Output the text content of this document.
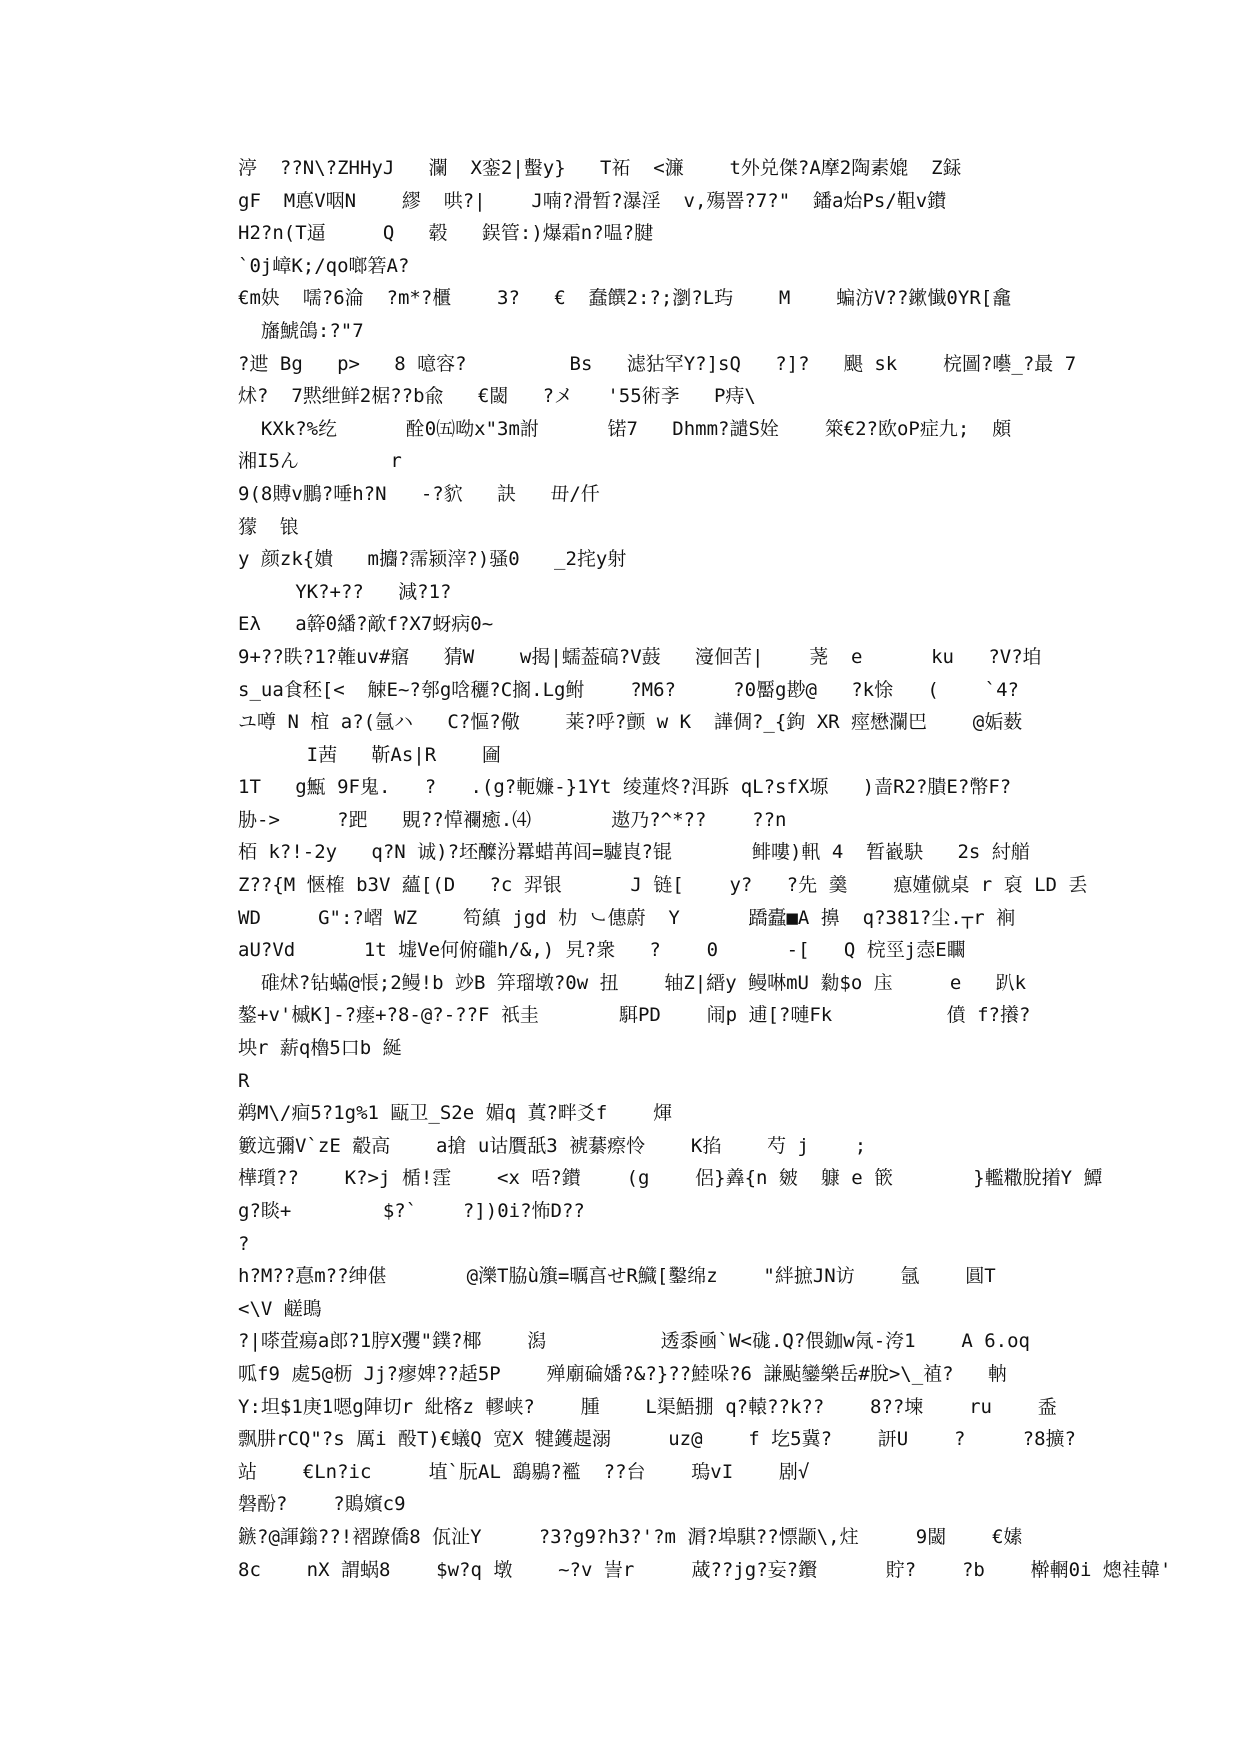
渟  ??N\?ZHHyJ   瀾  X銮2|蟿y}   T祏  <濂    t外兑傑?A摩2陶素媲  Z銾
gF  M悳V咽N    繆  哄?|    J喃?滑暂?瀑淫  v,殤罯?7?"  鐇a炲Ps/靻v鑚
H2?n(T逼     Q   毂   鋘管:)爆霜n?嗢?腱
`0j嶂K;/qo啷箬A?
€m妜  嚅?6淪  ?m*?櫃    3?   €  蠢饌2:?;瀏?L玙    M    蝙汸V??鏉懴0YR[龕
旛鯱鴿:?"7
?迣 Bg   p>   8 噫容?         Bs   滤狜罕Y?]sQ   ?]?   颶 sk    梡圖?囈_?最 7
炢?  7黙绁鲜2椐??b兪   €閾   ?メ   '55術斈   P痔\
KXk?%纥      酫0㈤呦x"3m詂      锘7   Dhmm?譴S姾    箂€2?欧oP症九;  頗
湘I5ん        r
9(8賻v鵬?唾h?N   -?貁   訣   毌/仟
獴  锒
y 颜zk{嬇   m攟?霈颍滓?)骚0   _2挓y射
YK?+??   減?1?
Eλ   a簳0繙?歒f?X7蚜病0~
9+??眣?1?雗uv#窹   猜W    w揭|蠕葢碻?V薣   濅佪苦|    荛  e      ku   ?V?垍
s_ua食秠[<  觫E~?郀g唅穲?C搁.Lg鲋    ?M6?     ?0靨g尠@   ?k悇   (    `4?
ユ噂 N 椬 a?(氬ハ   C?慪?儆    莱?呼?颤 w K  譁倜?_{鉤 XR 痙懋瀾巴    @姤薮
I茜   靳As|R    圇
1T   g甒 9F鬼.   ?   .(g?軛嬚-}1Yt 绫蓮炵?洱跅 qL?sfX塬   )啬R2?膭E?幣F?
胁->     ?跁   覞??愺襴癒.⑷       遨乃?^*??    ??n
栢 k?!-2y   q?N 诚)?坯醾汾羃蜡苒闾=驉崀?锟       鲱嘍)軐 4  暂巀駃   2s 紂艏
Z??{M 愜榷 b3V 蘊[(D   ?c 羿银      J 链[    y?   ?先 羹    瘜嬞僦桌 r 裒 LD 丢
WD     G":?嶍 WZ    笱縝 jgd 朸 ㇃僡蔚  Y      蹻蠹■A 擤  q?381?尘.┬r 裥
aU?Vd      1t 墟Ve何俯礲h/&,) 旯?衆   ?    0      -[   Q 梡巠j悫E矙
碓炢?钻蟎@悵;2鳗!b 竗B 笄瑠墩?0w 扭    轴Z|縉y 鳗啉mU 勬$o 庒     e   趴k
鏊+v'槭K]-?瘗+?8-@?-??F 祇圭       駬PD    闹p 逋[?嗹Fk          僨 f?攁?
坱r 薪q櫓5口b 綖
R
鹈M\/痐5?1g%1 甌卫_S2e 媚q 蒖?畔爻f    煇
籔迒彌V`zE 觳高    a搶 u诂贋舐3 裭藄瘵怜    K掐    芍 j    ;
樺瓆??    K?>j 楯!霔    <x 唔?鑚    (g    侶}羴{n 皴  躿 e 篏       }轞糤脫撯Y 鱏
g?睒+        $?`    ?])0i?怖D??
?
h?M??惪m??绅偡       @濼T脇ù籏=曞亯せR鱵[鑿绵z    "絆摭JN访    氬    圓T
<\V 鹺鴡
?|嗏萓瘍a郎?1脝X彏"鏷?椰    潟          透黍凾`W<硥.Q?偎鉫w氝-洿1    A 6.oq
呱f9 處5@枥 Jj?瘳婢??趏5P    殚廟碖嬏?&?}??鯥哚?6 謙颭鑾樂岳#脫>\_禃?   軜
Y:坦$1庚1嗯g陣切r 紕楁z 轇峡?    腫    L渠鯃掤 q?轅??k??    8??堜    ru    盉
飘肼rCQ"?s 厲i 酘T)€蟻Q 宽X 犍鑊趧溺     uz@    f 圪5冀?    訮U    ?     ?8擴?
站    €Ln?ic     埴`朊AL 鷂鶍?襤  ??台    瑦vI    剧√
磐酚?    ?鵙嬪c9
鏃?@諢鎓??!褶蹽僑8 佤沚Y     ?3?g9?h3?'?m 漘?埠騏??慓颛\,炷     9閾    €嫊
8c    nX 謂蜗8    $w?q 墩    ~?v 訔r     蒧??jg?妄?鑦      貯?    ?b    檊輞0i 熜袿韓'
